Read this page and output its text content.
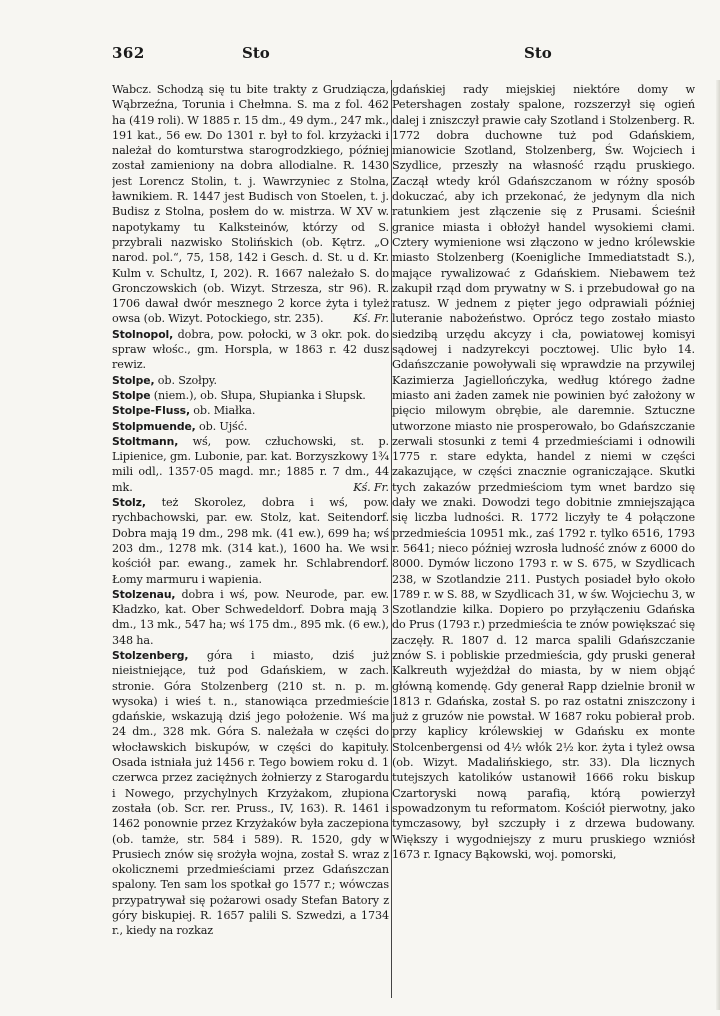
362	Sto	Sto

Wabcz. Schodzą się tu bite trakty z Grudziącza, Wąbrzeźna, Torunia i Chełmna. S. ma z fol. 462 ha (419 roli). W 1885 r. 15 dm., 49 dym., 247 mk., 191 kat., 56 ew. Do 1301 r. był to fol. krzyżacki i należał do komturstwa starogrodzkiego, później został zamieniony na dobra allodialne. R. 1430 jest Lorencz Stolin, t. j. Wawrzyniec z Stolna, ławnikiem. R. 1447 jest Budisch von Stoelen, t. j. Budisz z Stolna, posłem do w. mistrza. W XV w. napotykamy tu Kalksteinów, którzy od S. przybrali nazwisko Stolińskich (ob. Kętrz. „O narod. pol.“, 75, 158, 142 i Gesch. d. St. u d. Kr. Kulm v. Schultz, I, 202). R. 1667 należało S. do Gronczowskich (ob. Wizyt. Strzesza, str 96). R. 1706 dawał dwór mesznego 2 korce żyta i tyleż owsa (ob. Wizyt. Potockiego, str. 235).	Kś. Fr.

Stolnopol, dobra, pow. połocki, w 3 okr. pok. do spraw włośc., gm. Horspla, w 1863 r. 42 dusz rewiz.

Stolpe, ob. Szołpy.

Stolpe (niem.), ob. Słupa, Słupianka i Słupsk.

Stolpe-Fluss, ob. Miałka.

Stolpmuende, ob. Ujść.

Stoltmann, wś, pow. człuchowski, st. p. Lipienice, gm. Lubonie, par. kat. Borzyszkowy 1¾ mili odl,. 1357·05 magd. mr.; 1885 r. 7 dm., 44 mk.	Kś. Fr.

Stolz, też Skorolez, dobra i wś, pow. rychbachowski, par. ew. Stolz, kat. Seitendorf. Dobra mają 19 dm., 298 mk. (41 ew.), 699 ha; wś 203 dm., 1278 mk. (314 kat.), 1600 ha. We wsi kościół par. ewang., zamek hr. Schlabrendorf. Łomy marmuru i wapienia.

Stolzenau, dobra i wś, pow. Neurode, par. ew. Kładzko, kat. Ober Schwedeldorf. Dobra mają 3 dm., 13 mk., 547 ha; wś 175 dm., 895 mk. (6 ew.), 348 ha.

Stolzenberg, góra i miasto, dziś już nieistniejące, tuż pod Gdańskiem, w zach. stronie. Góra Stolzenberg (210 st. n. p. m. wysoka) i wieś t. n., stanowiąca przedmieście gdańskie, wskazują dziś jego położenie. Wś ma 24 dm., 328 mk. Góra S. należała w części do włocławskich biskupów, w części do kapituły. Osada istniała już 1456 r. Tego bowiem roku d. 1 czerwca przez zaciężnych żołnierzy z Starogardu i Nowego, przychylnych Krzyżakom, złupiona została (ob. Scr. rer. Pruss., IV, 163). R. 1461 i 1462 ponownie przez Krzyżaków była zaczepiona (ob. tamże, str. 584 i 589). R. 1520, gdy w Prusiech znów się srożyła wojna, został S. wraz z okolicznemi przedmieściami przez Gdańszczan spalony. Ten sam los spotkał go 1577 r.; wówczas przypatrywał się pożarowi osady Stefan Batory z góry biskupiej. R. 1657 palili S. Szwedzi, a 1734 r., kiedy na rozkaz

gdańskiej rady miejskiej niektóre domy w Petershagen zostały spalone, rozszerzył się ogień dalej i zniszczył prawie cały Szotland i Stolzenberg. R. 1772 dobra duchowne tuż pod Gdańskiem, mianowicie Szotland, Stolzenberg, Św. Wojciech i Szydlice, przeszły na własność rządu pruskiego. Zaczął wtedy król Gdańszczanom w różny sposób dokuczać, aby ich przekonać, że jedynym dla nich ratunkiem jest złączenie się z Prusami. Ścieśnił granice miasta i obłożył handel wysokiemi cłami. Cztery wymienione wsi złączono w jedno królewskie miasto Stolzenberg (Koenigliche Immediatstadt S.), mające rywalizować z Gdańskiem. Niebawem też zakupił rząd dom prywatny w S. i przebudował go na ratusz. W jednem z pięter jego odprawiali później luteranie nabożeństwo. Oprócz tego zostało miasto siedzibą urzędu akcyzy i cła, powiatowej komisyi sądowej i nadzyrekcyi pocztowej. Ulic było 14. Gdańszczanie powoływali się wprawdzie na przywilej Kazimierza Jagiellończyka, według którego żadne miasto ani żaden zamek nie powinien być założony w pięcio milowym obrębie, ale daremnie. Sztuczne utworzone miasto nie prosperowało, bo Gdańszczanie zerwali stosunki z temi 4 przedmieściami i odnowili 1775 r. stare edykta, handel z niemi w części zakazujące, w części znacznie ograniczające. Skutki tych zakazów przedmieściom tym wnet bardzo się dały we znaki. Dowodzi tego dobitnie zmniejszająca się liczba ludności. R. 1772 liczyły te 4 połączone przedmieścia 10951 mk., zaś 1792 r. tylko 6516, 1793 r. 5641; nieco później wzrosła ludność znów z 6000 do 8000. Dymów liczono 1793 r. w S. 675, w Szydlicach 238, w Szotlandzie 211. Pustych posiadeł było około 1789 r. w S. 88, w Szydlicach 31, w św. Wojciechu 3, w Szotlandzie kilka. Dopiero po przyłączeniu Gdańska do Prus (1793 r.) przedmieścia te znów powiększać się zaczęły. R. 1807 d. 12 marca spalili Gdańszczanie znów S. i pobliskie przedmieścia, gdy pruski generał Kalkreuth wyjeżdżał do miasta, by w niem objąć główną komendę. Gdy generał Rapp dzielnie bronił w 1813 r. Gdańska, został S. po raz ostatni zniszczony i już z gruzów nie powstał. W 1687 roku pobierał prob. przy kaplicy królewskiej w Gdańsku ex monte Stolcenbergensi od 4½ włók 2½ kor. żyta i tyleż owsa (ob. Wizyt. Madalińskiego, str. 33). Dla licznych tutejszych katolików ustanowił 1666 roku biskup Czartoryski nową parafią, którą powierzył spowadzonym tu reformatom. Kościół pierwotny, jako tymczasowy, był szczupły i z drzewa budowany. Większy i wygodniejszy z muru pruskiego wzniósł 1673 r. Ignacy Bąkowski, woj. pomorski,
